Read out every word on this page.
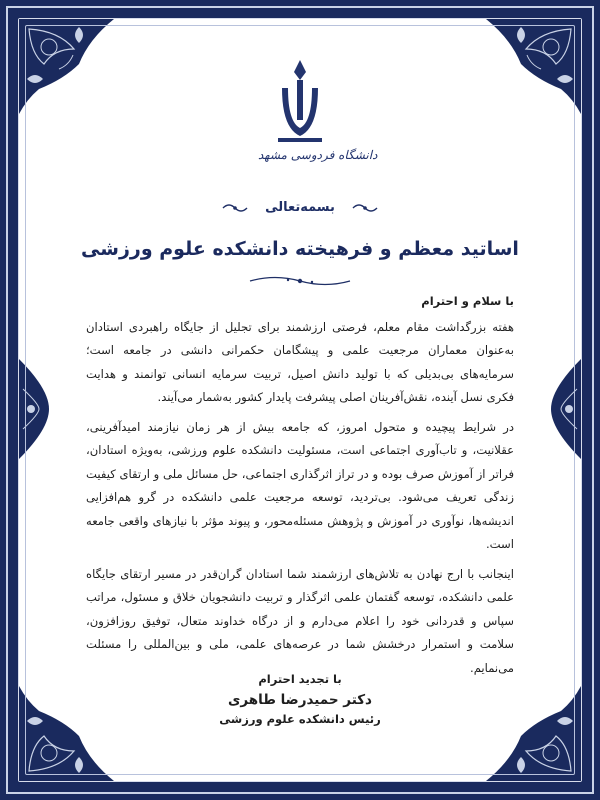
دانشگاه فردوسی مشهد
بسمه‌تعالی
اساتید معظم و فرهیخته دانشکده علوم ورزشی
با سلام و احترام

هفته بزرگداشت مقام معلم، فرصتی ارزشمند برای تجلیل از جایگاه راهبردی استادان به‌عنوان معماران مرجعیت علمی و پیشگامان حکمرانی دانشی در جامعه است؛ سرمایه‌های بی‌بدیلی که با تولید دانش اصیل، تربیت سرمایه انسانی توانمند و هدایت فکری نسل آینده، نقش‌آفرینان اصلی پیشرفت پایدار کشور به‌شمار می‌آیند.

در شرایط پیچیده و متحول امروز، که جامعه بیش از هر زمان نیازمند امیدآفرینی، عقلانیت، و تاب‌آوری اجتماعی است، مسئولیت دانشکده علوم ورزشی، به‌ویژه استادان، فراتر از آموزش صرف بوده و در تراز اثرگذاری اجتماعی، حل مسائل ملی و ارتقای کیفیت زندگی تعریف می‌شود. بی‌تردید، توسعه مرجعیت علمی دانشکده در گرو هم‌افزایی اندیشه‌ها، نوآوری در آموزش و پژوهش مسئله‌محور، و پیوند مؤثر با نیازهای واقعی جامعه است.

اینجانب با ارج نهادن به تلاش‌های ارزشمند شما استادان گران‌قدر در مسیر ارتقای جایگاه علمی دانشکده، توسعه گفتمان علمی اثرگذار و تربیت دانشجویان خلاق و مسئول، مراتب سپاس و قدردانی خود را اعلام می‌دارم و از درگاه خداوند متعال، توفیق روزافزون، سلامت و استمرار درخشش شما در عرصه‌های علمی، ملی و بین‌المللی را مسئلت می‌نمایم.

با تجدید احترام
دکتر حمیدرضا طاهری
رئیس دانشکده علوم ورزشی
